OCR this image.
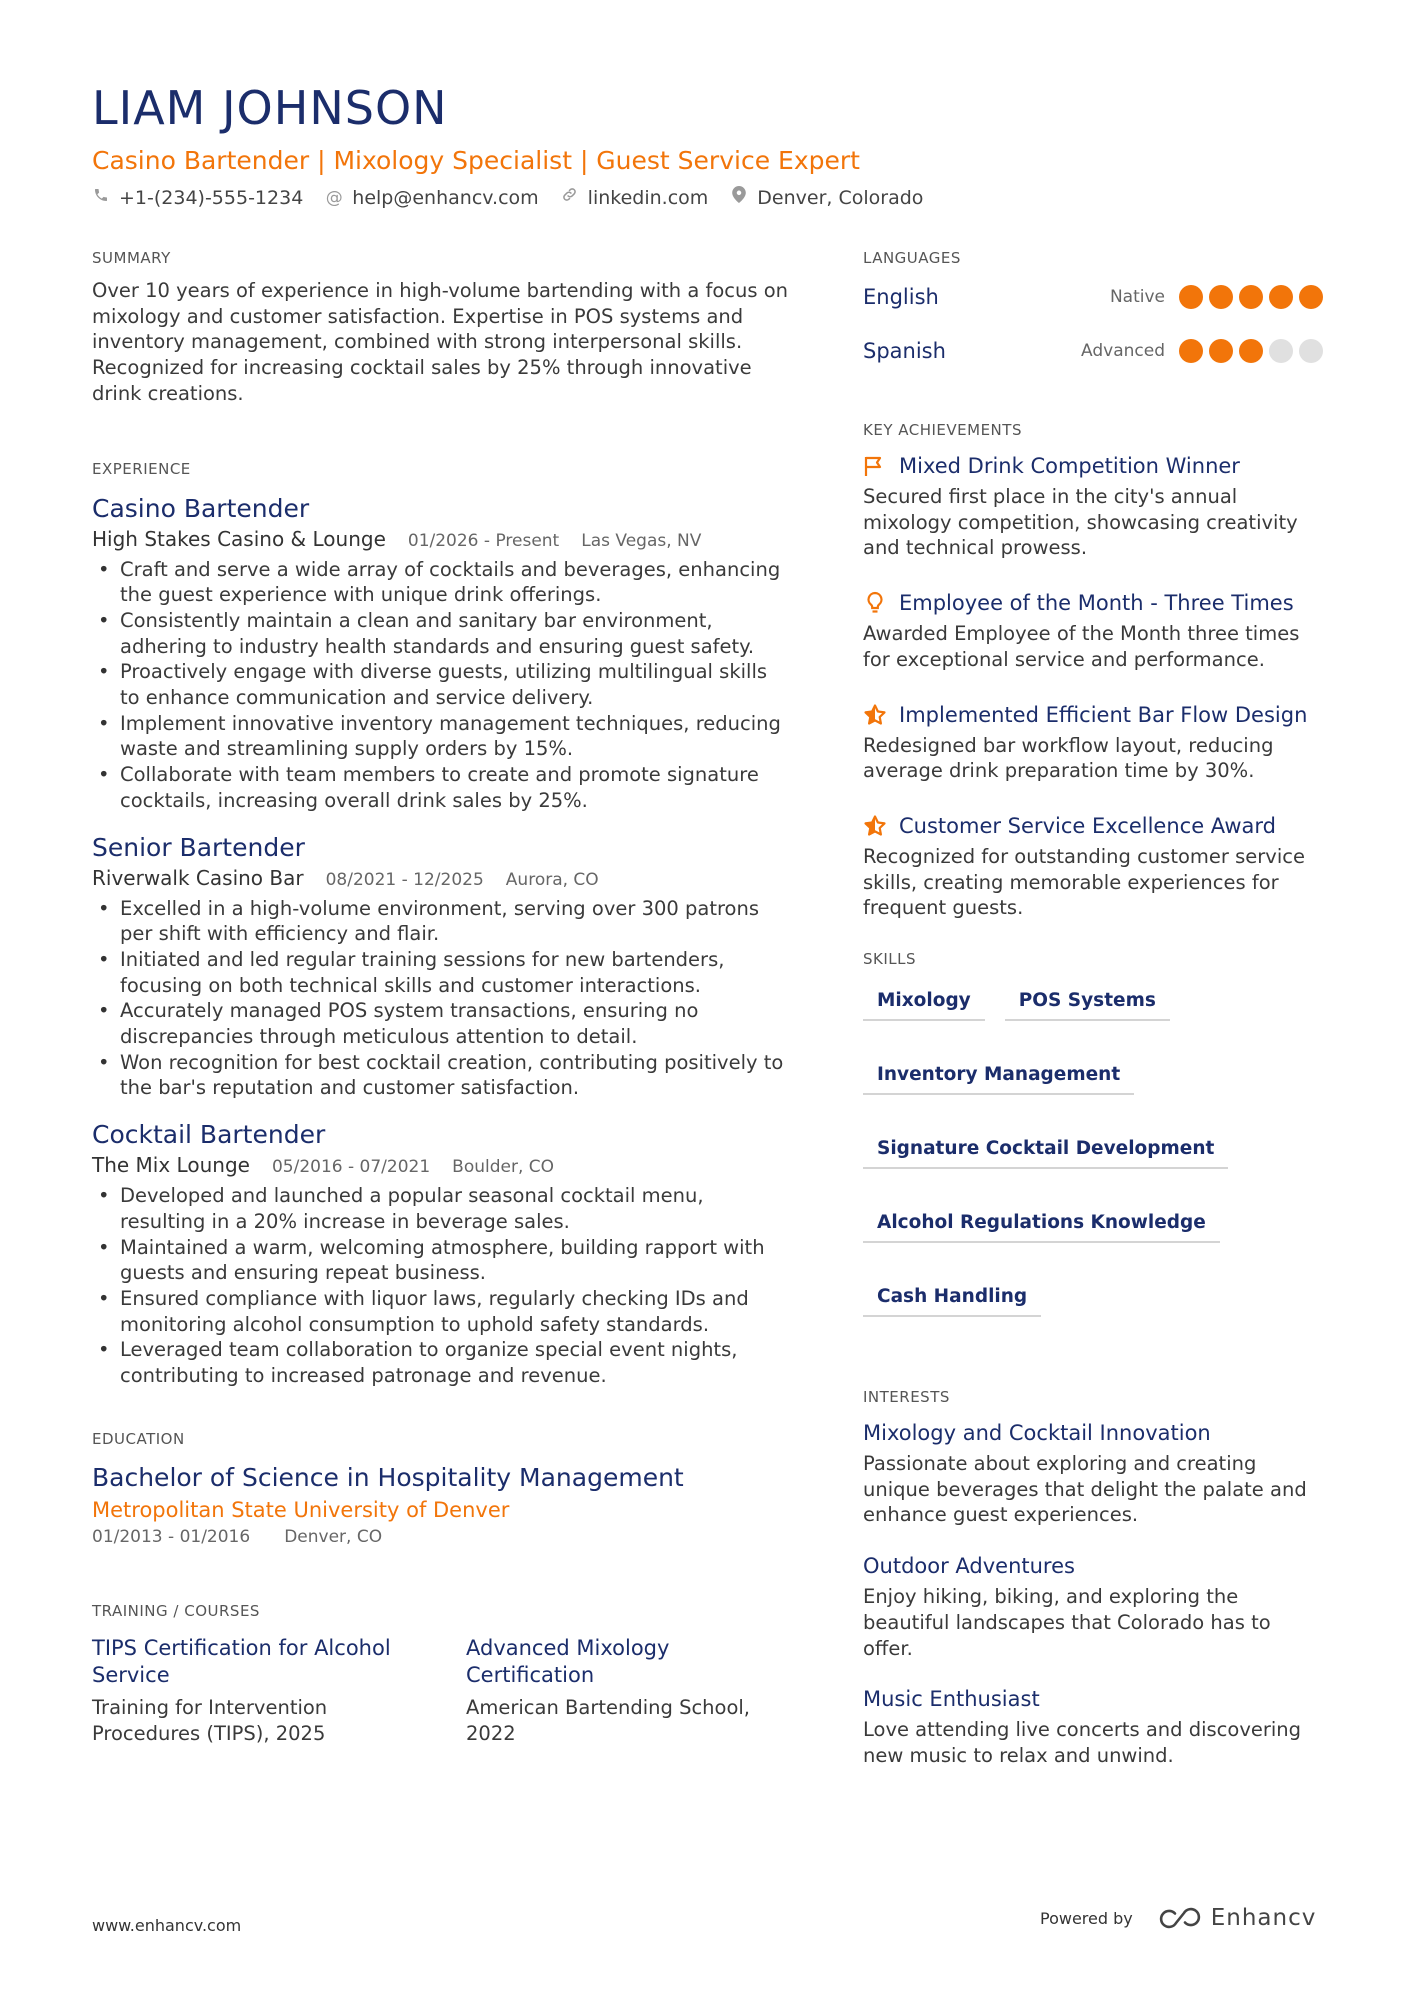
LIAM JOHNSON
Casino Bartender | Mixology Specialist | Guest Service Expert
+1-(234)-555-1234 @ help@enhancv.com	linkedin.com	Denver, Colorado
SUMMARY
Over 10 years of experience in high-volume bartending with a focus on mixology and customer satisfaction. Expertise in POS systems and inventory management, combined with strong interpersonal skills. Recognized for increasing cocktail sales by 25% through innovative drink creations.
EXPERIENCE
Casino Bartender
High Stakes Casino & Lounge 01/2026 - Present Las Vegas, NV
• Craft and serve a wide array of cocktails and beverages, enhancing the guest experience with unique drink offerings.
• Consistently maintain a clean and sanitary bar environment, adhering to industry health standards and ensuring guest safety.
• Proactively engage with diverse guests, utilizing multilingual skills to enhance communication and service delivery.
• Implement innovative inventory management techniques, reducing waste and streamlining supply orders by 15%.
• Collaborate with team members to create and promote signature cocktails, increasing overall drink sales by 25%.
Senior Bartender
Riverwalk Casino Bar 08/2021 - 12/2025 Aurora, CO
• Excelled in a high-volume environment, serving over 300 patrons per shift with efficiency and flair.
• Initiated and led regular training sessions for new bartenders, focusing on both technical skills and customer interactions.
• Accurately managed POS system transactions, ensuring no discrepancies through meticulous attention to detail.
• Won recognition for best cocktail creation, contributing positively to the bar's reputation and customer satisfaction.
Cocktail Bartender
The Mix Lounge 05/2016 - 07/2021 Boulder, CO
• Developed and launched a popular seasonal cocktail menu, resulting in a 20% increase in beverage sales.
• Maintained a warm, welcoming atmosphere, building rapport with guests and ensuring repeat business.
• Ensured compliance with liquor laws, regularly checking IDs and monitoring alcohol consumption to uphold safety standards.
• Leveraged team collaboration to organize special event nights, contributing to increased patronage and revenue.
EDUCATION
Bachelor of Science in Hospitality Management
Metropolitan State University of Denver
01/2013 - 01/2016 Denver, CO
TRAINING / COURSES
TIPS Certification for Alcohol Service
Training for Intervention Procedures (TIPS), 2025
Advanced Mixology Certification
American Bartending School, 2022
LANGUAGES
English	Native
Spanish	Advanced
KEY ACHIEVEMENTS
Mixed Drink Competition Winner
Secured first place in the city's annual mixology competition, showcasing creativity and technical prowess.
Employee of the Month - Three Times
Awarded Employee of the Month three times for exceptional service and performance.
Implemented Efficient Bar Flow Design
Redesigned bar workflow layout, reducing average drink preparation time by 30%.
Customer Service Excellence Award
Recognized for outstanding customer service skills, creating memorable experiences for frequent guests.
SKILLS
Mixology	POS Systems
Inventory Management
Signature Cocktail Development
Alcohol Regulations Knowledge
Cash Handling
INTERESTS
Mixology and Cocktail Innovation
Passionate about exploring and creating unique beverages that delight the palate and enhance guest experiences.
Outdoor Adventures
Enjoy hiking, biking, and exploring the beautiful landscapes that Colorado has to offer.
Music Enthusiast
Love attending live concerts and discovering new music to relax and unwind.
www.enhancv.com	Powered by	Enhancv
